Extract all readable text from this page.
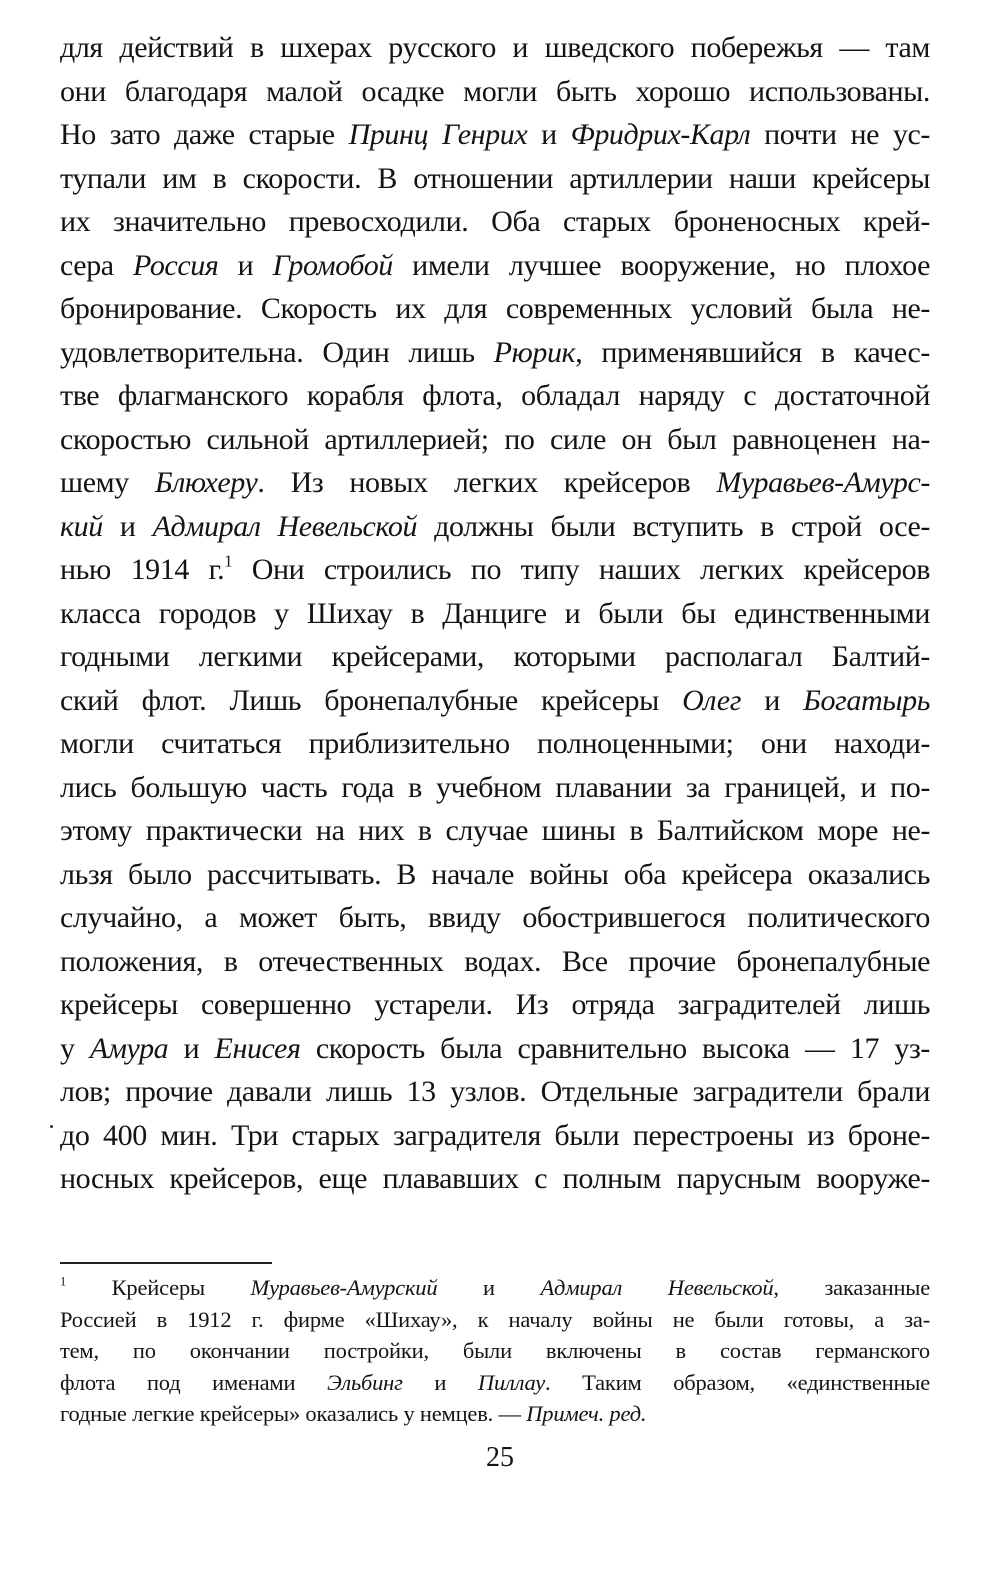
для действий в шхерах русского и шведского побережья — там
они благодаря малой осадке могли быть хорошо использованы.
Но зато даже старые Принц Генрих и Фридрих-Карл почти не ус-
тупали им в скорости. В отношении артиллерии наши крейсеры
их значительно превосходили. Оба старых броненосных крей-
сера Россия и Громобой имели лучшее вооружение, но плохое
бронирование. Скорость их для современных условий была не-
удовлетворительна. Один лишь Рюрик, применявшийся в качес-
тве флагманского корабля флота, обладал наряду с достаточной
скоростью сильной артиллерией; по силе он был равноценен на-
шему Блюхеру. Из новых легких крейсеров Муравьев-Амурс-
кий и Адмирал Невельской должны были вступить в строй осе-
нью 1914 г.$^1$ Они строились по типу наших легких крейсеров
класса городов у Шихау в Данциге и были бы единственными
годными легкими крейсерами, которыми располагал Балтий-
ский флот. Лишь бронепалубные крейсеры Олег и Богатырь
могли считаться приблизительно полноценными; они находи-
лись большую часть года в учебном плавании за границей, и по-
этому практически на них в случае шины в Балтийском море не-
льзя было рассчитывать. В начале войны оба крейсера оказались
случайно, а может быть, ввиду обострившегося политического
положения, в отечественных водах. Все прочие бронепалубные
крейсеры совершенно устарели. Из отряда заградителей лишь
у Амура и Енисея скорость была сравнительно высока — 17 уз-
лов; прочие давали лишь 13 узлов. Отдельные заградители брали
до 400 мин. Три старых заградителя были перестроены из броне-
носных крейсеров, еще плававших с полным парусным вооруже-
$^1$ Крейсеры Муравьев-Амурский и Адмирал Невельской, заказанные
Россией в 1912 г. фирме «Шихау», к началу войны не были готовы, а за-
тем, по окончании постройки, были включены в состав германского
флота под именами Эльбинг и Пиллау. Таким образом, «единственные
годные легкие крейсеры» оказались у немцев. — Примеч. ред.
25
